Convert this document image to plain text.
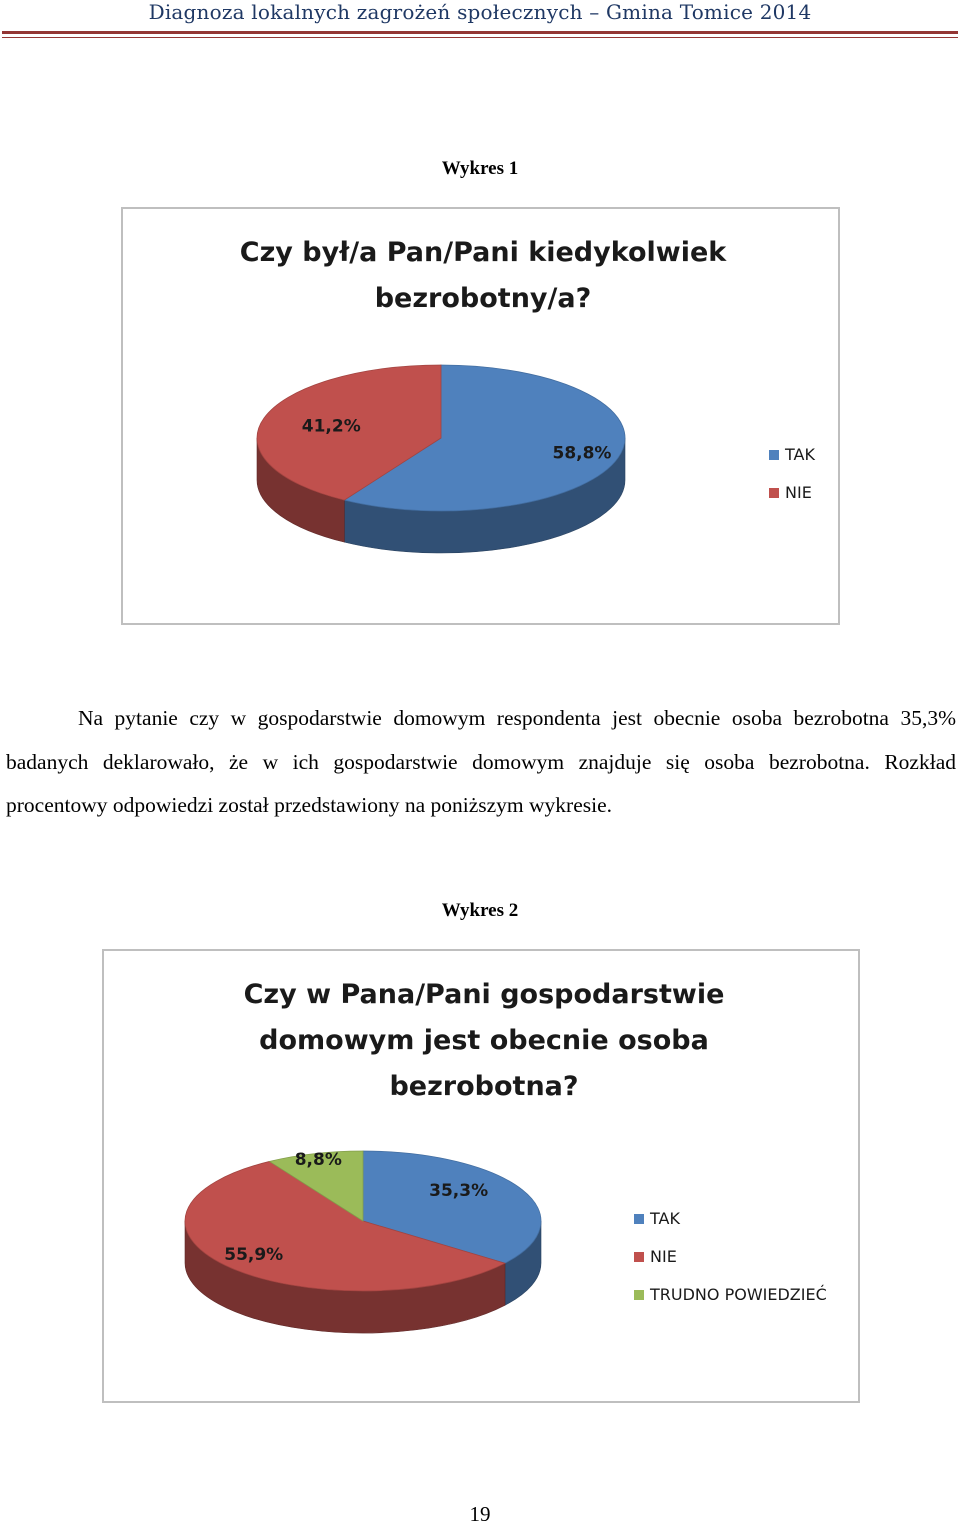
Diagnoza lokalnych zagrożeń społecznych – Gmina Tomice 2014
Wykres 1
Czy był/a Pan/Pani kiedykolwiek
bezrobotny/a?
58,8%
41,2%
TAK
NIE

Na pytanie czy w gospodarstwie domowym respondenta jest obecnie osoba bezrobotna 35,3% badanych deklarowało, że w ich gospodarstwie domowym znajduje się osoba bezrobotna. Rozkład procentowy odpowiedzi został przedstawiony na poniższym wykresie.

Wykres 2
Czy w Pana/Pani gospodarstwie
domowym jest obecnie osoba
bezrobotna?
35,3%
55,9%
8,8%
TAK
NIE
TRUDNO POWIEDZIEĆ
19
